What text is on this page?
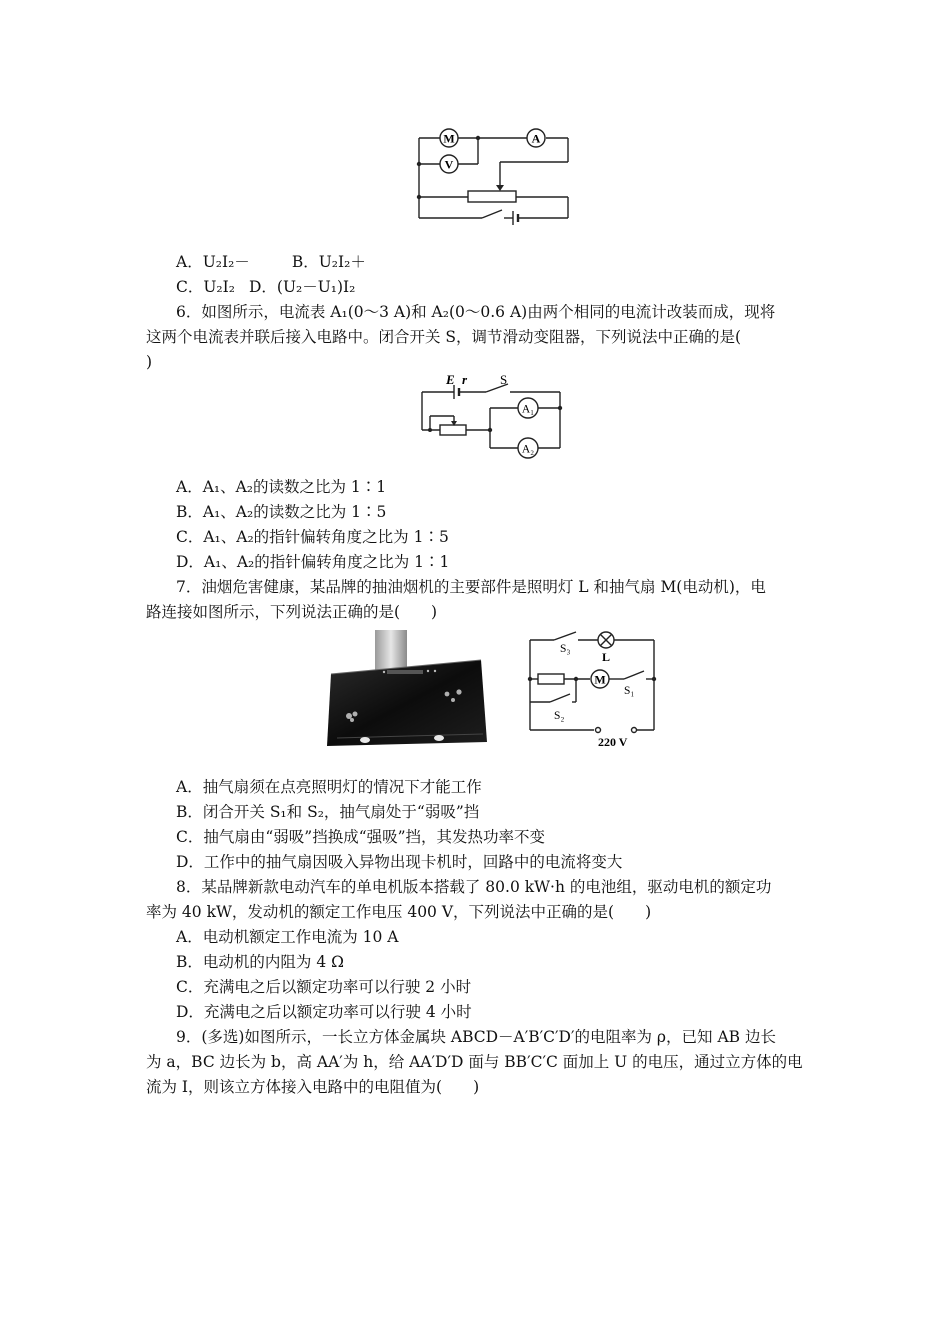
M
V
A
A．U₂I₂－	B．U₂I₂＋
C．U₂I₂ D．(U₂－U₁)I₂
6．如图所示，电流表 A₁(0～3 A)和 A₂(0～0.6 A)由两个相同的电流计改装而成，现将
这两个电流表并联后接入电路中。闭合开关 S，调节滑动变阻器，下列说法中正确的是(
)
E r	S
A₁
A₂
A．A₁、A₂的读数之比为 1∶1
B．A₁、A₂的读数之比为 1∶5
C．A₁、A₂的指针偏转角度之比为 1∶5
D．A₁、A₂的指针偏转角度之比为 1∶1
7．油烟危害健康，某品牌的抽油烟机的主要部件是照明灯 L 和抽气扇 M(电动机)，电
路连接如图所示，下列说法正确的是(　　)
S₃
L
M
S₁
S₂
220 V
A．抽气扇须在点亮照明灯的情况下才能工作
B．闭合开关 S₁和 S₂，抽气扇处于“弱吸”挡
C．抽气扇由“弱吸”挡换成“强吸”挡，其发热功率不变
D．工作中的抽气扇因吸入异物出现卡机时，回路中的电流将变大
8．某品牌新款电动汽车的单电机版本搭载了 80.0 kW·h 的电池组，驱动电机的额定功
率为 40 kW，发动机的额定工作电压 400 V，下列说法中正确的是(　　)
A．电动机额定工作电流为 10 A
B．电动机的内阻为 4 Ω
C．充满电之后以额定功率可以行驶 2 小时
D．充满电之后以额定功率可以行驶 4 小时
9．(多选)如图所示，一长立方体金属块 ABCD－A′B′C′D′的电阻率为 ρ，已知 AB 边长
为 a，BC 边长为 b，高 AA′为 h，给 AA′D′D 面与 BB′C′C 面加上 U 的电压，通过立方体的电
流为 I，则该立方体接入电路中的电阻值为(　　)
